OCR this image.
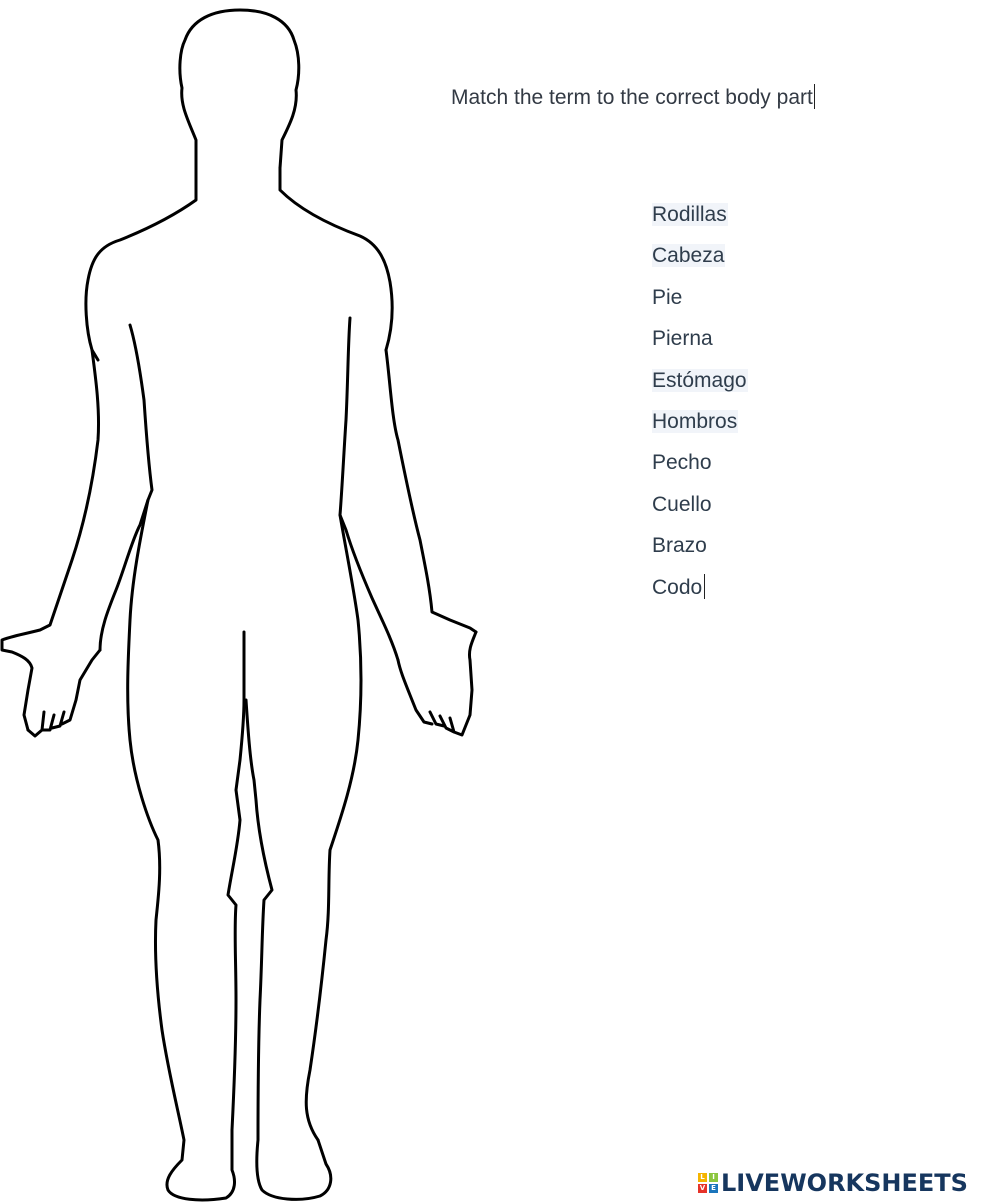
Match the term to the correct body part
Rodillas
Cabeza
Pie
Pierna
Estómago
Hombros
Pecho
Cuello
Brazo
Codo
L	I
V E LIVEWORKSHEETS
